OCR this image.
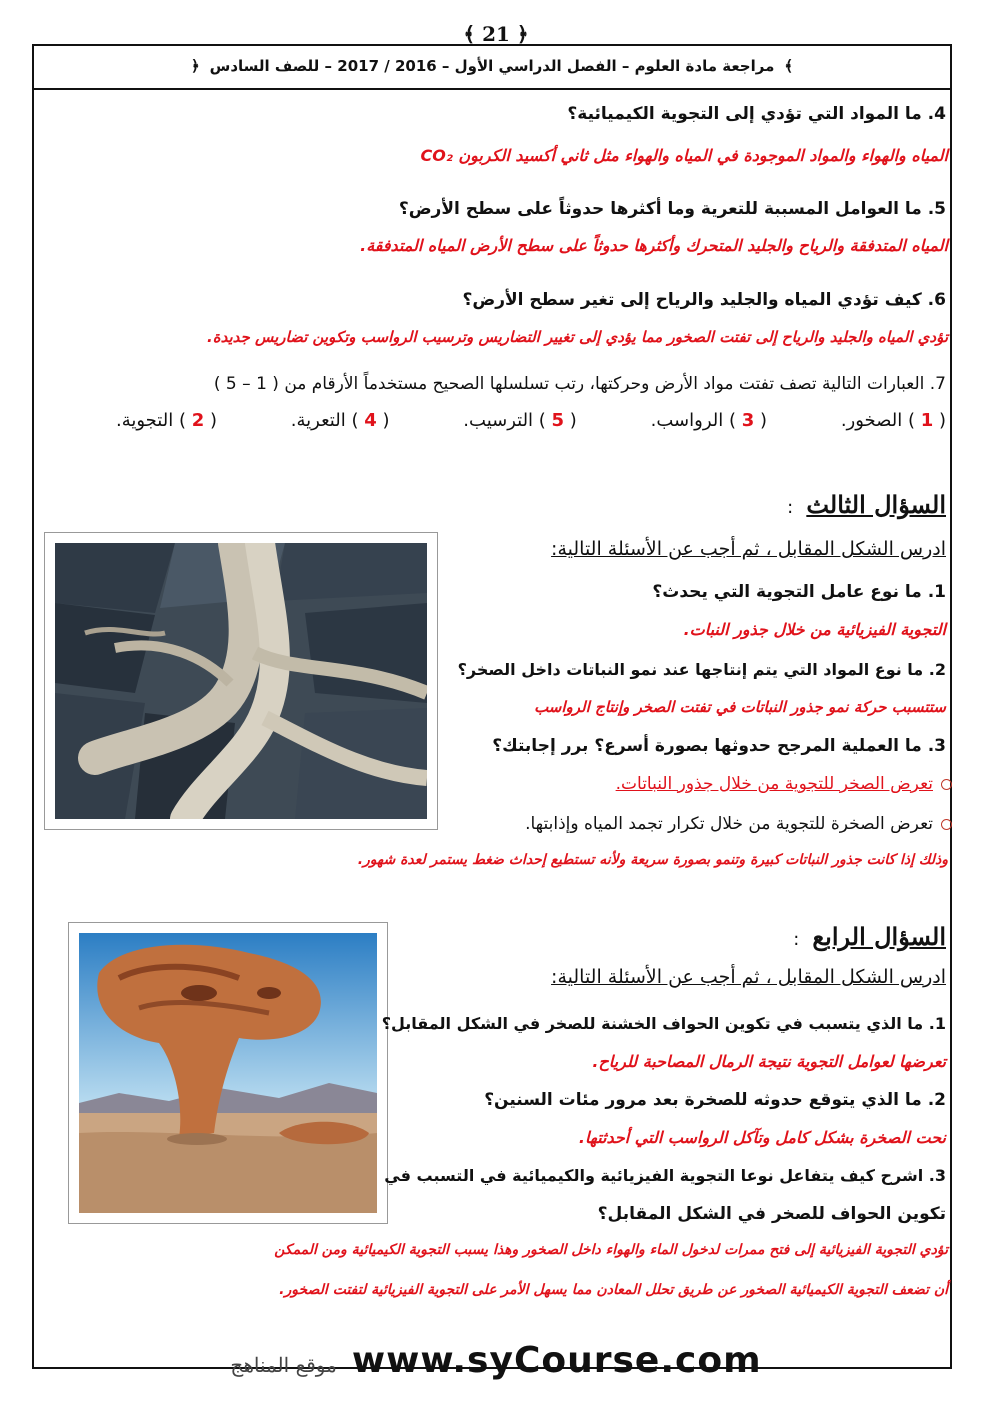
﴾ 21 ﴿
﴾
مراجعة مادة العلوم – الفصل الدراسي الأول – 2016 / 2017 – للصف السادس
﴿
4. ما المواد التي تؤدي إلى التجوية الكيميائية؟
المياه والهواء والمواد الموجودة في المياه والهواء مثل ثاني أكسيد الكربون CO₂
5. ما العوامل المسببة للتعرية وما أكثرها حدوثاً على سطح الأرض؟
المياه المتدفقة والرياح والجليد المتحرك وأكثرها حدوثاً على سطح الأرض المياه المتدفقة.
6. كيف تؤدي المياه والجليد والرياح إلى تغير سطح الأرض؟
تؤدي المياه والجليد والرياح إلى تفتت الصخور مما يؤدي إلى تغيير التضاريس وترسيب الرواسب وتكوين تضاريس جديدة.
7. العبارات التالية تصف تفتت مواد الأرض وحركتها، رتب تسلسلها الصحيح مستخدماً الأرقام من ( 1 – 5 )
( 1 ) الصخور.
( 3 ) الرواسب.
( 5 ) الترسيب.
( 4 ) التعرية.
( 2 ) التجوية.
السؤال الثالث :
ادرس الشكل المقابل ، ثم أجب عن الأسئلة التالية:
1. ما نوع عامل التجوية التي يحدث؟
التجوية الفيزيائية من خلال جذور النبات.
2. ما نوع المواد التي يتم إنتاجها عند نمو النباتات داخل الصخر؟
ستتسبب حركة نمو جذور النباتات في تفتت الصخر وإنتاج الرواسب
3. ما العملية المرجح حدوثها بصورة أسرع؟ برر إجابتك؟
تعرض الصخر للتجوية من خلال جذور النباتات.
تعرض الصخرة للتجوية من خلال تكرار تجمد المياه وإذابتها.
وذلك إذا كانت جذور النباتات كبيرة وتنمو بصورة سريعة ولأنه تستطيع إحداث ضغط يستمر لعدة شهور.
السؤال الرابع :
ادرس الشكل المقابل ، ثم أجب عن الأسئلة التالية:
1. ما الذي يتسبب في تكوين الحواف الخشنة للصخر في الشكل المقابل؟
تعرضها لعوامل التجوية نتيجة الرمال المصاحبة للرياح.
2. ما الذي يتوقع حدوثه للصخرة بعد مرور مئات السنين؟
نحت الصخرة بشكل كامل وتآكل الرواسب التي أحدثتها.
3. اشرح كيف يتفاعل نوعا التجوية الفيزيائية والكيميائية في التسبب في
تكوين الحواف للصخر في الشكل المقابل؟
تؤدي التجوية الفيزيائية إلى فتح ممرات لدخول الماء والهواء داخل الصخور وهذا يسبب التجوية الكيميائية ومن الممكن
أن تضعف التجوية الكيميائية الصخور عن طريق تحلل المعادن مما يسهل الأمر على التجوية الفيزيائية لتفتت الصخور.
موقع المناهج www.syCourse.com
